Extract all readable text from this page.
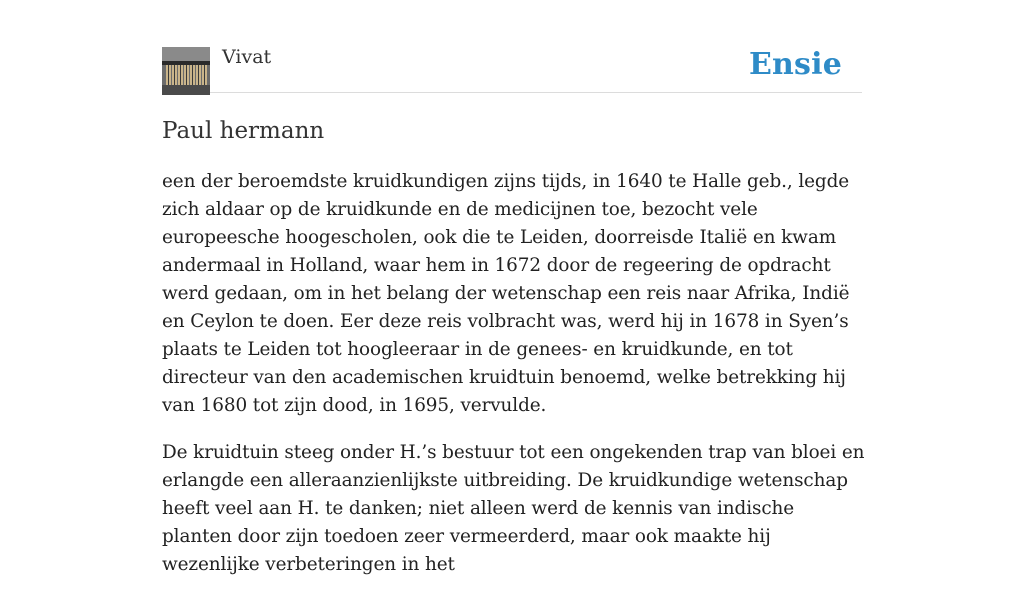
Vivat	Ensie
Paul hermann

een der beroemdste kruidkundigen zijns tijds, in 1640 te Halle geb., legde zich aldaar op de kruidkunde en de medicijnen toe, bezocht vele europeesche hoogescholen, ook die te Leiden, doorreisde Italië en kwam andermaal in Holland, waar hem in 1672 door de regeering de opdracht werd gedaan, om in het belang der wetenschap een reis naar Afrika, Indië en Ceylon te doen. Eer deze reis volbracht was, werd hij in 1678 in Syen’s plaats te Leiden tot hoogleeraar in de genees- en kruidkunde, en tot directeur van den academischen kruidtuin benoemd, welke betrekking hij van 1680 tot zijn dood, in 1695, vervulde.

De kruidtuin steeg onder H.’s bestuur tot een ongekenden trap van bloei en erlangde een alleraanzienlijkste uitbreiding. De kruidkundige wetenschap heeft veel aan H. te danken; niet alleen werd de kennis van indische planten door zijn toedoen zeer vermeerderd, maar ook maakte hij wezenlijke verbeteringen in het
